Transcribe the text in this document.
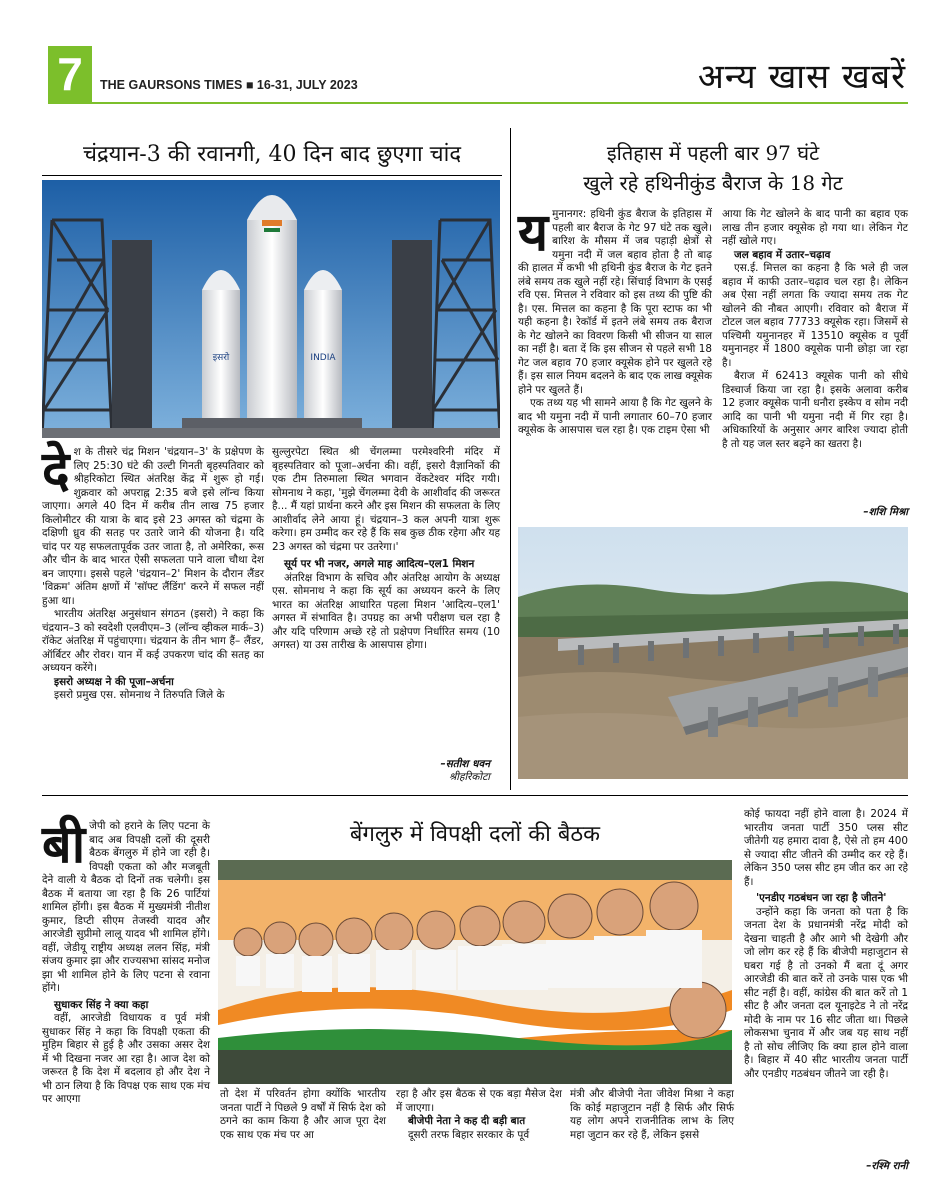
7	THE GAURSONS TIMES ■ 16-31, JULY 2023	अन्य खास खबरें
चंद्रयान-3 की रवानगी, 40 दिन बाद छुएगा चांद
इसरो	INDIA

देश के तीसरे चंद्र मिशन 'चंद्रयान–3' के प्रक्षेपण के लिए 25:30 घंटे की उल्टी गिनती बृहस्पतिवार को श्रीहरिकोटा स्थित अंतरिक्ष केंद्र में शुरू हो गई। शुक्रवार को अपराह्न 2:35 बजे इसे लॉन्च किया जाएगा। अगले 40 दिन में करीब तीन लाख 75 हजार किलोमीटर की यात्रा के बाद इसे 23 अगस्त को चंद्रमा के दक्षिणी ध्रुव की सतह पर उतारे जाने की योजना है। यदि चांद पर यह सफलतापूर्वक उतर जाता है, तो अमेरिका, रूस और चीन के बाद भारत ऐसी सफलता पाने वाला चौथा देश बन जाएगा। इससे पहले 'चंद्रयान–2' मिशन के दौरान लैंडर 'विक्रम' अंतिम क्षणों में 'सॉफ्ट लैंडिंग' करने में सफल नहीं हुआ था।

भारतीय अंतरिक्ष अनुसंधान संगठन (इसरो) ने कहा कि चंद्रयान–3 को स्वदेशी एलवीएम–3 (लॉन्च व्हीकल मार्क–3) रॉकेट अंतरिक्ष में पहुंचाएगा। चंद्रयान के तीन भाग हैं– लैंडर, ऑर्बिटर और रोवर। यान में कई उपकरण चांद की सतह का अध्ययन करेंगे।

इसरो अध्यक्ष ने की पूजा–अर्चना

इसरो प्रमुख एस. सोमनाथ ने तिरुपति जिले के

सुल्लुरपेटा स्थित श्री चेंगलम्मा परमेश्वरिनी मंदिर में बृहस्पतिवार को पूजा–अर्चना की। वहीं, इसरो वैज्ञानिकों की एक टीम तिरुमाला स्थित भगवान वेंकटेश्वर मंदिर गयी। सोमनाथ ने कहा, 'मुझे चेंगलम्मा देवी के आशीर्वाद की जरूरत है... मैं यहां प्रार्थना करने और इस मिशन की सफलता के लिए आशीर्वाद लेने आया हूं। चंद्रयान–3 कल अपनी यात्रा शुरू करेगा। हम उम्मीद कर रहे हैं कि सब कुछ ठीक रहेगा और यह 23 अगस्त को चंद्रमा पर उतरेगा।'

सूर्य पर भी नजर, अगले माह आदित्य–एल1 मिशन

अंतरिक्ष विभाग के सचिव और अंतरिक्ष आयोग के अध्यक्ष एस. सोमनाथ ने कहा कि सूर्य का अध्ययन करने के लिए भारत का अंतरिक्ष आधारित पहला मिशन 'आदित्य–एल1' अगस्त में संभावित है। उपग्रह का अभी परीक्षण चल रहा है और यदि परिणाम अच्छे रहे तो प्रक्षेपण निर्धारित समय (10 अगस्त) या उस तारीख के आसपास होगा।

–सतीश धवन
श्रीहरिकोटा
इतिहास में पहली बार 97 घंटे
खुले रहे हथिनीकुंड बैराज के 18 गेट

यमुनानगर: हथिनी कुंड बैराज के इतिहास में पहली बार बैराज के गेट 97 घंटे तक खुले। बारिश के मौसम में जब पहाड़ी क्षेत्रों से यमुना नदी में जल बहाव होता है तो बाढ़ की हालत में कभी भी हथिनी कुंड बैराज के गेट इतने लंबे समय तक खुले नहीं रहे। सिंचाई विभाग के एसई रवि एस. मित्तल ने रविवार को इस तथ्य की पुष्टि की है। एस. मित्तल का कहना है कि पूरा स्टाफ का भी यही कहना है। रेकॉर्ड में इतने लंबे समय तक बैराज के गेट खोलने का विवरण किसी भी सीजन या साल का नहीं है। बता दें कि इस सीजन से पहले सभी 18 गेट जल बहाव 70 हजार क्यूसेक होने पर खुलते रहे हैं। इस साल नियम बदलने के बाद एक लाख क्यूसेक होने पर खुलते हैं।

एक तथ्य यह भी सामने आया है कि गेट खुलने के बाद भी यमुना नदी में पानी लगातार 60–70 हजार क्यूसेक के आसपास चल रहा है। एक टाइम ऐसा भी

आया कि गेट खोलने के बाद पानी का बहाव एक लाख तीन हजार क्यूसेक हो गया था। लेकिन गेट नहीं खोले गए।

जल बहाव में उतार–चढ़ाव

एस.ई. मित्तल का कहना है कि भले ही जल बहाव में काफी उतार–चढ़ाव चल रहा है। लेकिन अब ऐसा नहीं लगता कि ज्यादा समय तक गेट खोलने की नौबत आएगी। रविवार को बैराज में टोटल जल बहाव 77733 क्यूसेक रहा। जिसमें से पश्चिमी यमुनानहर में 13510 क्यूसेक व पूर्वी यमुनानहर में 1800 क्यूसेक पानी छोड़ा जा रहा है।

बैराज में 62413 क्यूसेक पानी को सीधे डिस्चार्ज किया जा रहा है। इसके अलावा करीब 12 हजार क्यूसेक पानी धनौरा इस्केप व सोम नदी आदि का पानी भी यमुना नदी में गिर रहा है। अधिकारियों के अनुसार अगर बारिश ज्यादा होती है तो यह जल स्तर बढ़ने का खतरा है।

–शशि मिश्रा

बीजेपी को हराने के लिए पटना के बाद अब विपक्षी दलों की दूसरी बैठक बेंगलुरु में होने जा रही है। विपक्षी एकता को और मजबूती देने वाली ये बैठक दो दिनों तक चलेगी। इस बैठक में बताया जा रहा है कि 26 पार्टियां शामिल होंगी। इस बैठक में मुख्यमंत्री नीतीश कुमार, डिप्टी सीएम तेजस्वी यादव और आरजेडी सुप्रीमो लालू यादव भी शामिल होंगे। वहीं, जेडीयू राष्ट्रीय अध्यक्ष ललन सिंह, मंत्री संजय कुमार झा और राज्यसभा सांसद मनोज झा भी शामिल होने के लिए पटना से रवाना होंगे।

सुधाकर सिंह ने क्या कहा

वहीं, आरजेडी विधायक व पूर्व मंत्री सुधाकर सिंह ने कहा कि विपक्षी एकता की मुहिम बिहार से हुई है और उसका असर देश में भी दिखना नजर आ रहा है। आज देश को जरूरत है कि देश में बदलाव हो और देश ने भी ठान लिया है कि विपक्ष एक साथ एक मंच पर आएगा

बेंगलुरु में विपक्षी दलों की बैठक

तो देश में परिवर्तन होगा क्योंकि भारतीय जनता पार्टी ने पिछले 9 वर्षों में सिर्फ देश को ठगने का काम किया है और आज पूरा देश एक साथ एक मंच पर आ

रहा है और इस बैठक से एक बड़ा मैसेज देश में जाएगा।

बीजेपी नेता ने कह दी बड़ी बात

दूसरी तरफ बिहार सरकार के पूर्व

मंत्री और बीजेपी नेता जीवेश मिश्रा ने कहा कि कोई महाजुटान नहीं है सिर्फ और सिर्फ यह लोग अपने राजनीतिक लाभ के लिए महा जुटान कर रहे हैं, लेकिन इससे

कोई फायदा नहीं होने वाला है। 2024 में भारतीय जनता पार्टी 350 प्लस सीट जीतेगी यह हमारा दावा है, ऐसे तो हम 400 से ज्यादा सीट जीतने की उम्मीद कर रहे हैं। लेकिन 350 प्लस सीट हम जीत कर आ रहे हैं।

'एनडीए गठबंधन जा रहा है जीतने'

उन्होंने कहा कि जनता को पता है कि जनता देश के प्रधानमंत्री नरेंद्र मोदी को देखना चाहती है और आगे भी देखेगी और जो लोग कर रहे हैं कि बीजेपी महाजुटान से घबरा गई है तो उनको मैं बता दूं अगर आरजेडी की बात करें तो उनके पास एक भी सीट नहीं है। वहीं, कांग्रेस की बात करें तो 1 सीट है और जनता दल यूनाइटेड ने तो नरेंद्र मोदी के नाम पर 16 सीट जीता था। पिछले लोकसभा चुनाव में और जब यह साथ नहीं है तो सोच लीजिए कि क्या हाल होने वाला है। बिहार में 40 सीट भारतीय जनता पार्टी और एनडीए गठबंधन जीतने जा रही है।

–रश्मि रानी
